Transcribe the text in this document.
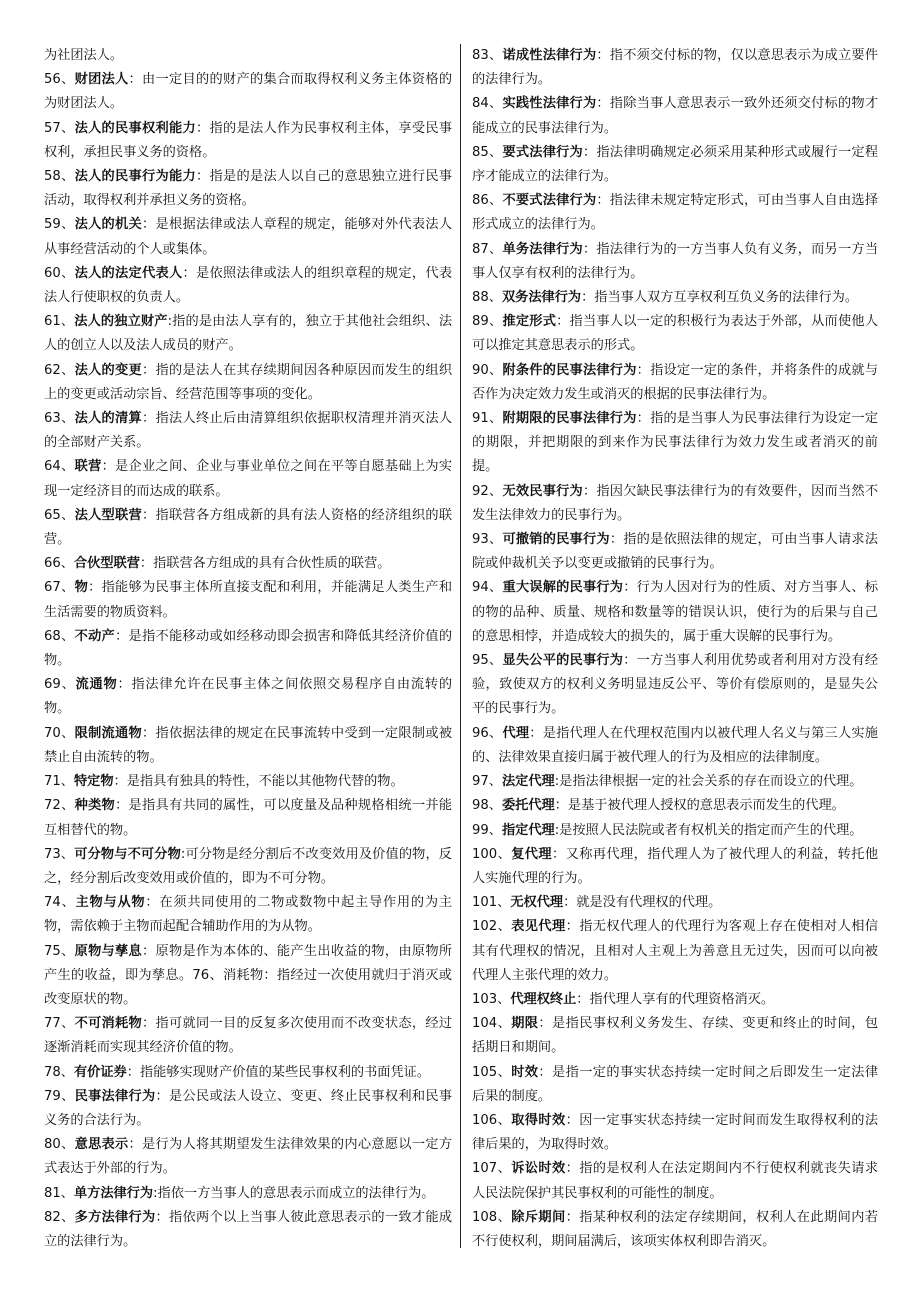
为社团法人。

56、财团法人：由一定目的的财产的集合而取得权利义务主体资格的为财团法人。

57、法人的民事权利能力：指的是法人作为民事权利主体，享受民事权利，承担民事义务的资格。

58、法人的民事行为能力：指是的是法人以自己的意思独立进行民事活动，取得权利并承担义务的资格。

59、法人的机关：是根据法律或法人章程的规定，能够对外代表法人从事经营活动的个人或集体。

60、法人的法定代表人：是依照法律或法人的组织章程的规定，代表法人行使职权的负责人。

61、法人的独立财产:指的是由法人享有的，独立于其他社会组织、法人的创立人以及法人成员的财产。

62、法人的变更：指的是法人在其存续期间因各种原因而发生的组织上的变更或活动宗旨、经营范围等事项的变化。

63、法人的清算：指法人终止后由清算组织依据职权清理并消灭法人的全部财产关系。

64、联营：是企业之间、企业与事业单位之间在平等自愿基础上为实现一定经济目的而达成的联系。

65、法人型联营：指联营各方组成新的具有法人资格的经济组织的联营。

66、合伙型联营：指联营各方组成的具有合伙性质的联营。

67、物：指能够为民事主体所直接支配和利用，并能满足人类生产和生活需要的物质资料。

68、不动产：是指不能移动或如经移动即会损害和降低其经济价值的物。

69、流通物：指法律允许在民事主体之间依照交易程序自由流转的物。

70、限制流通物：指依据法律的规定在民事流转中受到一定限制或被禁止自由流转的物。

71、特定物：是指具有独具的特性，不能以其他物代替的物。

72、种类物：是指具有共同的属性，可以度量及品种规格相统一并能互相替代的物。

73、可分物与不可分物:可分物是经分割后不改变效用及价值的物，反之，经分割后改变效用或价值的，即为不可分物。

74、主物与从物：在须共同使用的二物或数物中起主导作用的为主物，需依赖于主物而起配合辅助作用的为从物。

75、原物与孳息：原物是作为本体的、能产生出收益的物，由原物所产生的收益，即为孳息。76、消耗物：指经过一次使用就归于消灭或改变原状的物。

77、不可消耗物：指可就同一目的反复多次使用而不改变状态，经过逐渐消耗而实现其经济价值的物。

78、有价证券：指能够实现财产价值的某些民事权利的书面凭证。

79、民事法律行为：是公民或法人设立、变更、终止民事权利和民事义务的合法行为。

80、意思表示：是行为人将其期望发生法律效果的内心意愿以一定方式表达于外部的行为。

81、单方法律行为:指依一方当事人的意思表示而成立的法律行为。

82、多方法律行为：指依两个以上当事人彼此意思表示的一致才能成立的法律行为。

83、诺成性法律行为：指不须交付标的物，仅以意思表示为成立要件的法律行为。

84、实践性法律行为：指除当事人意思表示一致外还须交付标的物才能成立的民事法律行为。

85、要式法律行为：指法律明确规定必须采用某种形式或履行一定程序才能成立的法律行为。

86、不要式法律行为：指法律未规定特定形式，可由当事人自由选择形式成立的法律行为。

87、单务法律行为：指法律行为的一方当事人负有义务，而另一方当事人仅享有权利的法律行为。

88、双务法律行为：指当事人双方互享权利互负义务的法律行为。

89、推定形式：指当事人以一定的积极行为表达于外部，从而使他人可以推定其意思表示的形式。

90、附条件的民事法律行为：指设定一定的条件，并将条件的成就与否作为决定效力发生或消灭的根据的民事法律行为。

91、附期限的民事法律行为：指的是当事人为民事法律行为设定一定的期限，并把期限的到来作为民事法律行为效力发生或者消灭的前提。

92、无效民事行为：指因欠缺民事法律行为的有效要件，因而当然不发生法律效力的民事行为。

93、可撤销的民事行为：指的是依照法律的规定，可由当事人请求法院或仲裁机关予以变更或撤销的民事行为。

94、重大误解的民事行为：行为人因对行为的性质、对方当事人、标的物的品种、质量、规格和数量等的错误认识，使行为的后果与自己的意思相悖，并造成较大的损失的，属于重大误解的民事行为。

95、显失公平的民事行为：一方当事人利用优势或者利用对方没有经验，致使双方的权利义务明显违反公平、等价有偿原则的，是显失公平的民事行为。

96、代理：是指代理人在代理权范围内以被代理人名义与第三人实施的、法律效果直接归属于被代理人的行为及相应的法律制度。

97、法定代理:是指法律根据一定的社会关系的存在而设立的代理。

98、委托代理：是基于被代理人授权的意思表示而发生的代理。

99、指定代理:是按照人民法院或者有权机关的指定而产生的代理。

100、复代理：又称再代理，指代理人为了被代理人的利益，转托他人实施代理的行为。

101、无权代理：就是没有代理权的代理。

102、表见代理：指无权代理人的代理行为客观上存在使相对人相信其有代理权的情况，且相对人主观上为善意且无过失，因而可以向被代理人主张代理的效力。

103、代理权终止：指代理人享有的代理资格消灭。

104、期限：是指民事权利义务发生、存续、变更和终止的时间，包括期日和期间。

105、时效：是指一定的事实状态持续一定时间之后即发生一定法律后果的制度。

106、取得时效：因一定事实状态持续一定时间而发生取得权利的法律后果的，为取得时效。

107、诉讼时效：指的是权利人在法定期间内不行使权利就丧失请求人民法院保护其民事权利的可能性的制度。

108、除斥期间：指某种权利的法定存续期间，权利人在此期间内若不行使权利，期间届满后，该项实体权利即告消灭。
